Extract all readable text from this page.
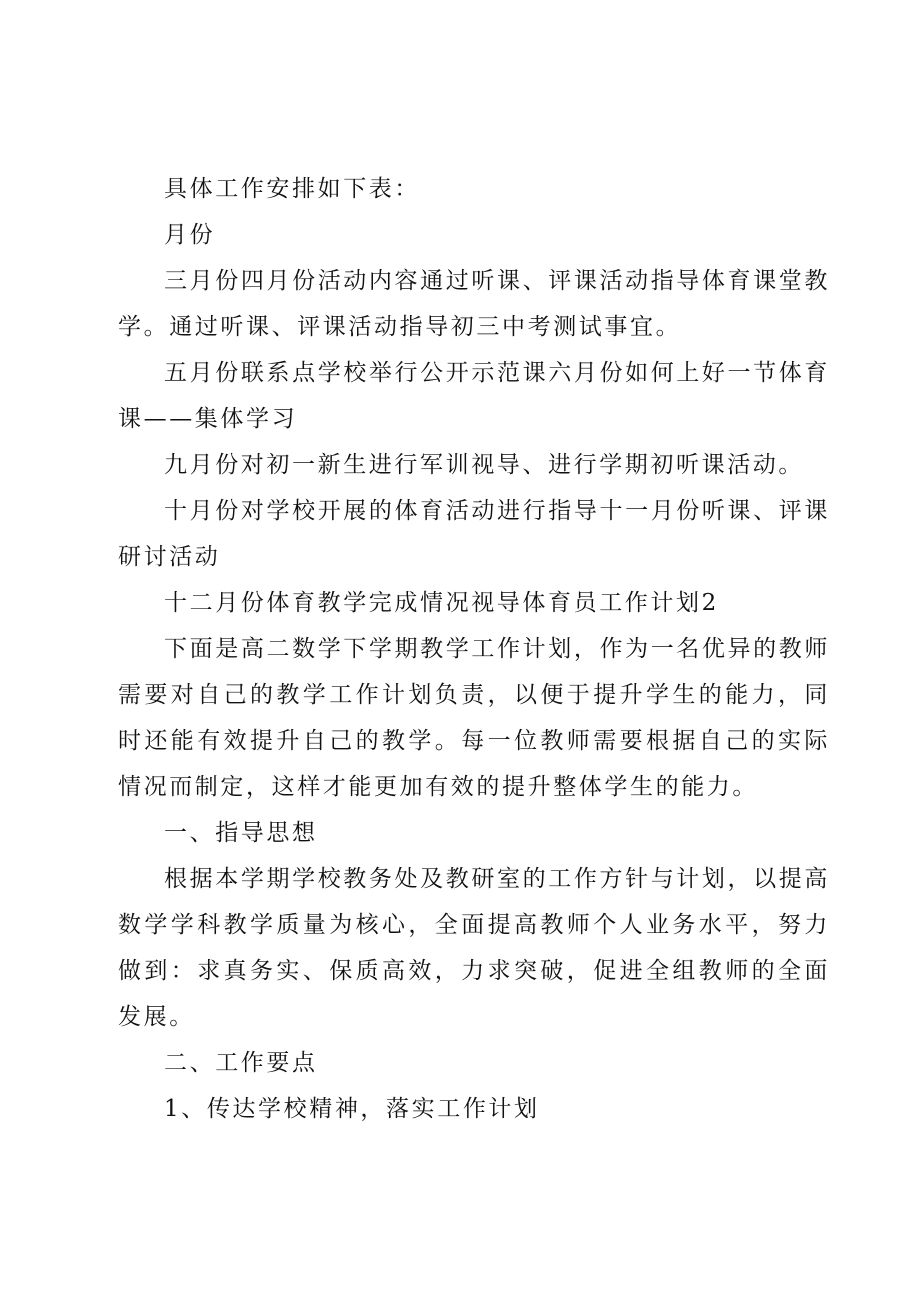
具体工作安排如下表：

月份

三月份四月份活动内容通过听课、评课活动指导体育课堂教学。通过听课、评课活动指导初三中考测试事宜。

五月份联系点学校举行公开示范课六月份如何上好一节体育课——集体学习

九月份对初一新生进行军训视导、进行学期初听课活动。

十月份对学校开展的体育活动进行指导十一月份听课、评课研讨活动

十二月份体育教学完成情况视导体育员工作计划2

下面是高二数学下学期教学工作计划，作为一名优异的教师需要对自己的教学工作计划负责，以便于提升学生的能力，同时还能有效提升自己的教学。每一位教师需要根据自己的实际情况而制定，这样才能更加有效的提升整体学生的能力。

一、指导思想

根据本学期学校教务处及教研室的工作方针与计划，以提高数学学科教学质量为核心，全面提高教师个人业务水平，努力做到：求真务实、保质高效，力求突破，促进全组教师的全面发展。

二、工作要点

1、传达学校精神，落实工作计划
